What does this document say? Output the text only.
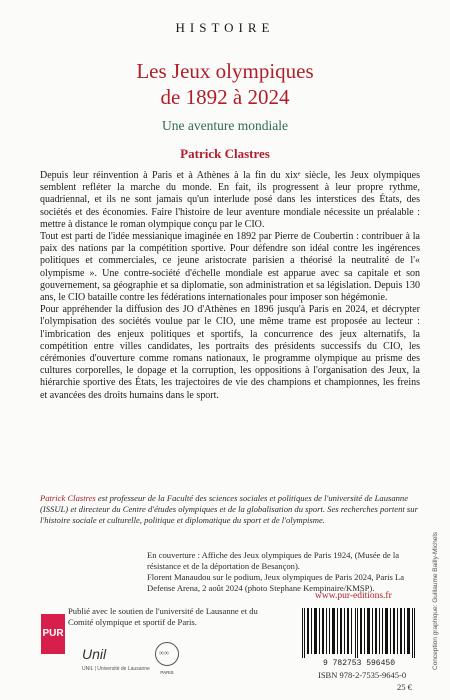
HISTOIRE
Les Jeux olympiques
de 1892 à 2024
Une aventure mondiale
Patrick Clastres

Depuis leur réinvention à Paris et à Athènes à la fin du xixᵉ siècle, les Jeux olympiques semblent refléter la marche du monde. En fait, ils progressent à leur propre rythme, quadriennal, et ils ne sont jamais qu'un interlude posé dans les interstices des États, des sociétés et des économies. Faire l'histoire de leur aventure mondiale nécessite un préalable : mettre à distance le roman olympique conçu par le CIO.

Tout est parti de l'idée messianique imaginée en 1892 par Pierre de Coubertin : contribuer à la paix des nations par la compétition sportive. Pour défendre son idéal contre les ingérences politiques et commerciales, ce jeune aristocrate parisien a théorisé la neutralité de l'« olympisme ». Une contre-société d'échelle mondiale est apparue avec sa capitale et son gouvernement, sa géographie et sa diplomatie, son administration et sa législation. Depuis 130 ans, le CIO bataille contre les fédérations internationales pour imposer son hégémonie.

Pour appréhender la diffusion des JO d'Athènes en 1896 jusqu'à Paris en 2024, et décrypter l'olympisation des sociétés voulue par le CIO, une même trame est proposée au lecteur : l'imbrication des enjeux politiques et sportifs, la concurrence des jeux alternatifs, la compétition entre villes candidates, les portraits des présidents successifs du CIO, les cérémonies d'ouverture comme romans nationaux, le programme olympique au prisme des cultures corporelles, le dopage et la corruption, les oppositions à l'organisation des Jeux, la hiérarchie sportive des États, les trajectoires de vie des champions et championnes, les freins et avancées des droits humains dans le sport.

Patrick Clastres est professeur de la Faculté des sciences sociales et politiques de l'université de Lausanne (ISSUL) et directeur du Centre d'études olympiques et de la globalisation du sport. Ses recherches portent sur l'histoire sociale et culturelle, politique et diplomatique du sport et de l'olympisme.
En couverture : Affiche des Jeux olympiques de Paris 1924, (Musée de la résistance et de la déportation de Besançon).
Florent Manaudou sur le podium, Jeux olympiques de Paris 2024, Paris La Defense Arena, 2 août 2024 (photo Stephane Kempinaire/KMSP).	Conception graphique: Guillaume Bailly-Michels
PUR
Publié avec le soutien de l'université de Lausanne et du Comité olympique et sportif de Paris.
Unil
UNIL | Université de Lausanne
∞∞
PARIS
www.pur-editions.fr
9 782753 596450
ISBN 978-2-7535-9645-0
25 €
